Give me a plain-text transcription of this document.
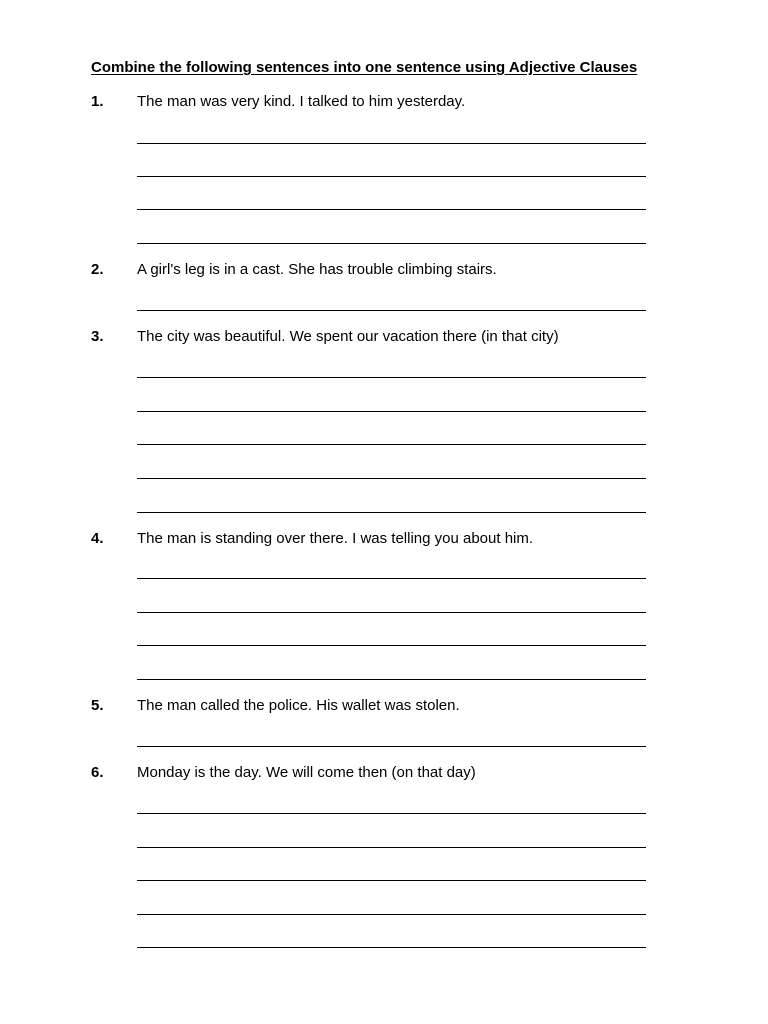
Combine the following sentences into one sentence using Adjective Clauses
1. The man was very kind. I talked to him yesterday.
2. A girl's leg is in a cast. She has trouble climbing stairs.
3. The city was beautiful. We spent our vacation there (in that city)
4. The man is standing over there. I was telling you about him.
5. The man called the police. His wallet was stolen.
6. Monday is the day. We will come then (on that day)
